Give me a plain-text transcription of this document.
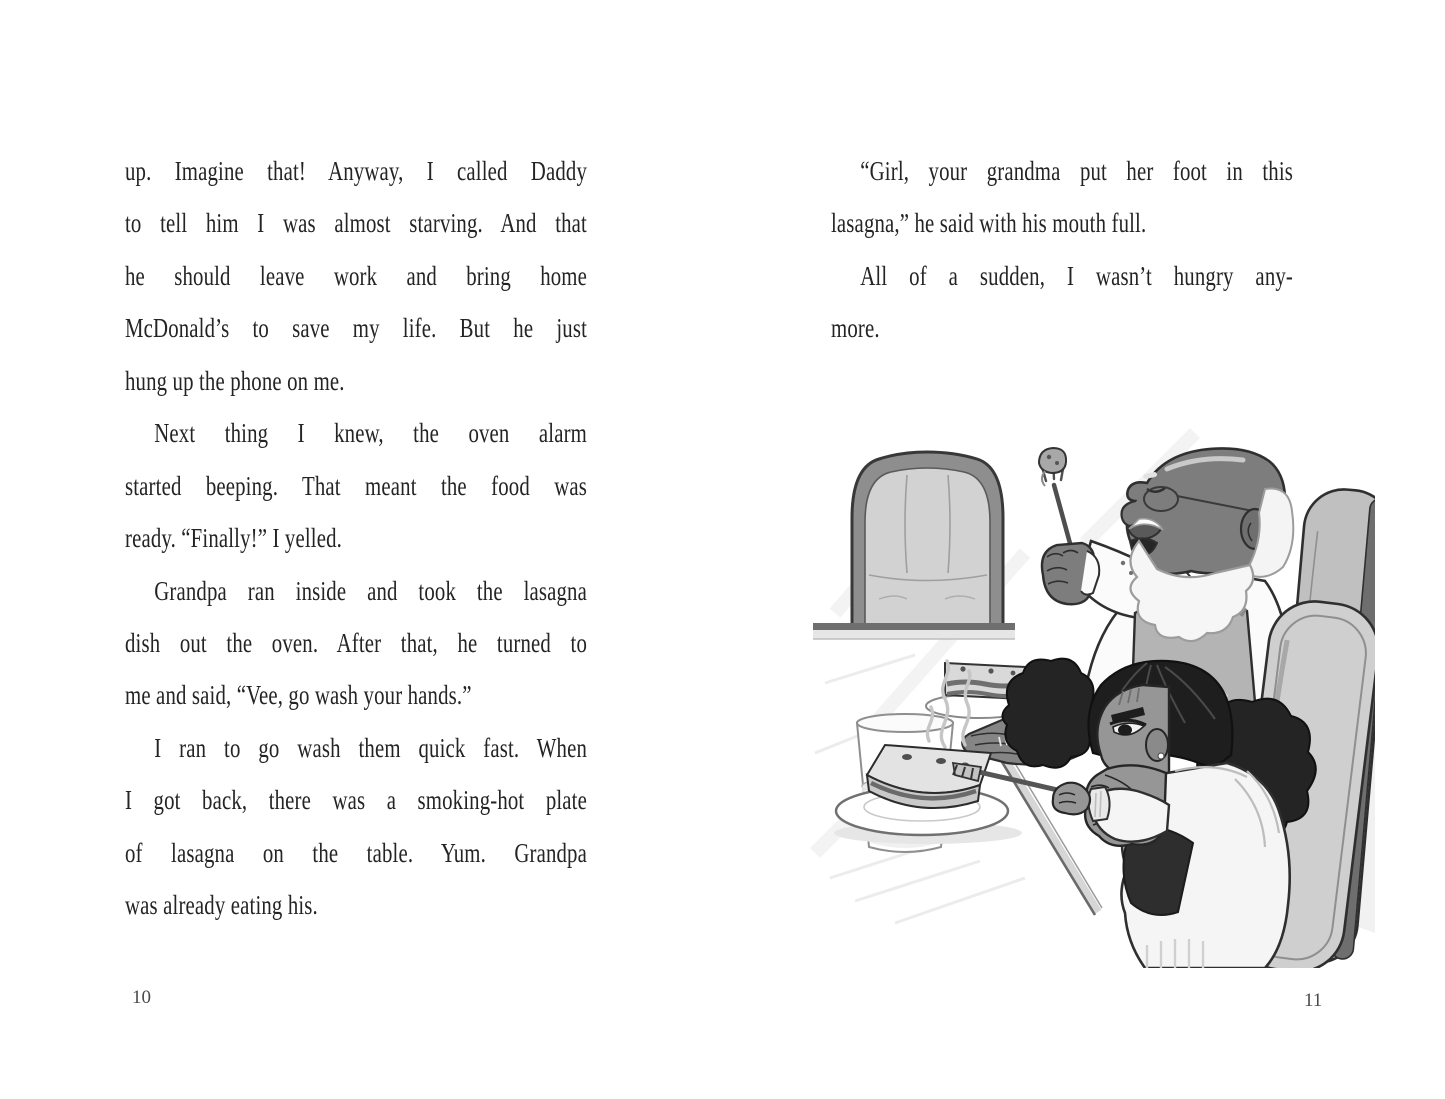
up. Imagine that! Anyway, I called Daddy
to tell him I was almost starving. And that
he should leave work and bring home
McDonald’s to save my life. But he just
hung up the phone on me.
Next thing I knew, the oven alarm
started beeping. That meant the food was
ready. “Finally!” I yelled.
Grandpa ran inside and took the lasagna
dish out the oven. After that, he turned to
me and said, “Vee, go wash your hands.”
I ran to go wash them quick fast. When
I got back, there was a smoking-hot plate
of lasagna on the table. Yum. Grandpa
was already eating his.
“Girl, your grandma put her foot in this
lasagna,” he said with his mouth full.
All of a sudden, I wasn’t hungry any-
more.
10	11
